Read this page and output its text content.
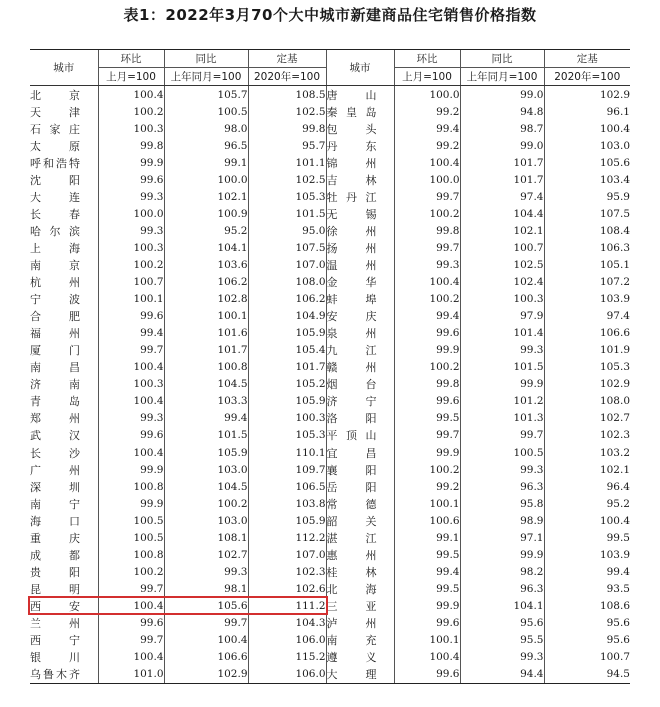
表1：2022年3月70个大中城市新建商品住宅销售价格指数
城市	环比	同比	定基	城市	环比	同比	定基
	上月=100	上年同月=100	2020年=100		上月=100	上年同月=100	2020年=100

北　京	100.4	105.7	108.5	唐　山	100.0	99.0	102.9

天　津	100.2	100.5	102.5	秦皇岛	99.2	94.8	96.1

石家庄	100.3	98.0	99.8	包　头	99.4	98.7	100.4

太　原	99.8	96.5	95.7	丹　东	99.2	99.0	103.0

呼和浩特	99.9	99.1	101.1	锦　州	100.4	101.7	105.6

沈　阳	99.6	100.0	102.5	吉　林	100.0	101.7	103.4

大　连	99.3	102.1	105.3	牡丹江	99.7	97.4	95.9

长　春	100.0	100.9	101.5	无　锡	100.2	104.4	107.5

哈尔滨	99.3	95.2	95.0	徐　州	99.8	102.1	108.4

上　海	100.3	104.1	107.5	扬　州	99.7	100.7	106.3

南　京	100.2	103.6	107.0	温　州	99.3	102.5	105.1

杭　州	100.7	106.2	108.0	金　华	100.4	102.4	107.2

宁　波	100.1	102.8	106.2	蚌　埠	100.2	100.3	103.9

合　肥	99.6	100.1	104.9	安　庆	99.4	97.9	97.4

福　州	99.4	101.6	105.9	泉　州	99.6	101.4	106.6

厦　门	99.7	101.7	105.4	九　江	99.9	99.3	101.9

南　昌	100.4	100.8	101.7	赣　州	100.2	101.5	105.3

济　南	100.3	104.5	105.2	烟　台	99.8	99.9	102.9

青　岛	100.4	103.3	105.9	济　宁	99.6	101.2	108.0

郑　州	99.3	99.4	100.3	洛　阳	99.5	101.3	102.7

武　汉	99.6	101.5	105.3	平顶山	99.7	99.7	102.3

长　沙	100.4	105.9	110.1	宜　昌	99.9	100.5	103.2

广　州	99.9	103.0	109.7	襄　阳	100.2	99.3	102.1

深　圳	100.8	104.5	106.5	岳　阳	99.2	96.3	96.4

南　宁	99.9	100.2	103.8	常　德	100.1	95.8	95.2

海　口	100.5	103.0	105.9	韶　关	100.6	98.9	100.4

重　庆	100.5	108.1	112.2	湛　江	99.1	97.1	99.5

成　都	100.8	102.7	107.0	惠　州	99.5	99.9	103.9

贵　阳	100.2	99.3	102.3	桂　林	99.4	98.2	99.4

昆　明	99.7	98.1	102.6	北　海	99.5	96.3	93.5

西　安	100.4	105.6	111.2	三　亚	99.9	104.1	108.6

兰　州	99.6	99.7	104.3	泸　州	99.6	95.6	95.6

西　宁	99.7	100.4	106.0	南　充	100.1	95.5	95.6

银　川	100.4	106.6	115.2	遵　义	100.4	99.3	100.7

乌鲁木齐	101.0	102.9	106.0	大　理	99.6	94.4	94.5
